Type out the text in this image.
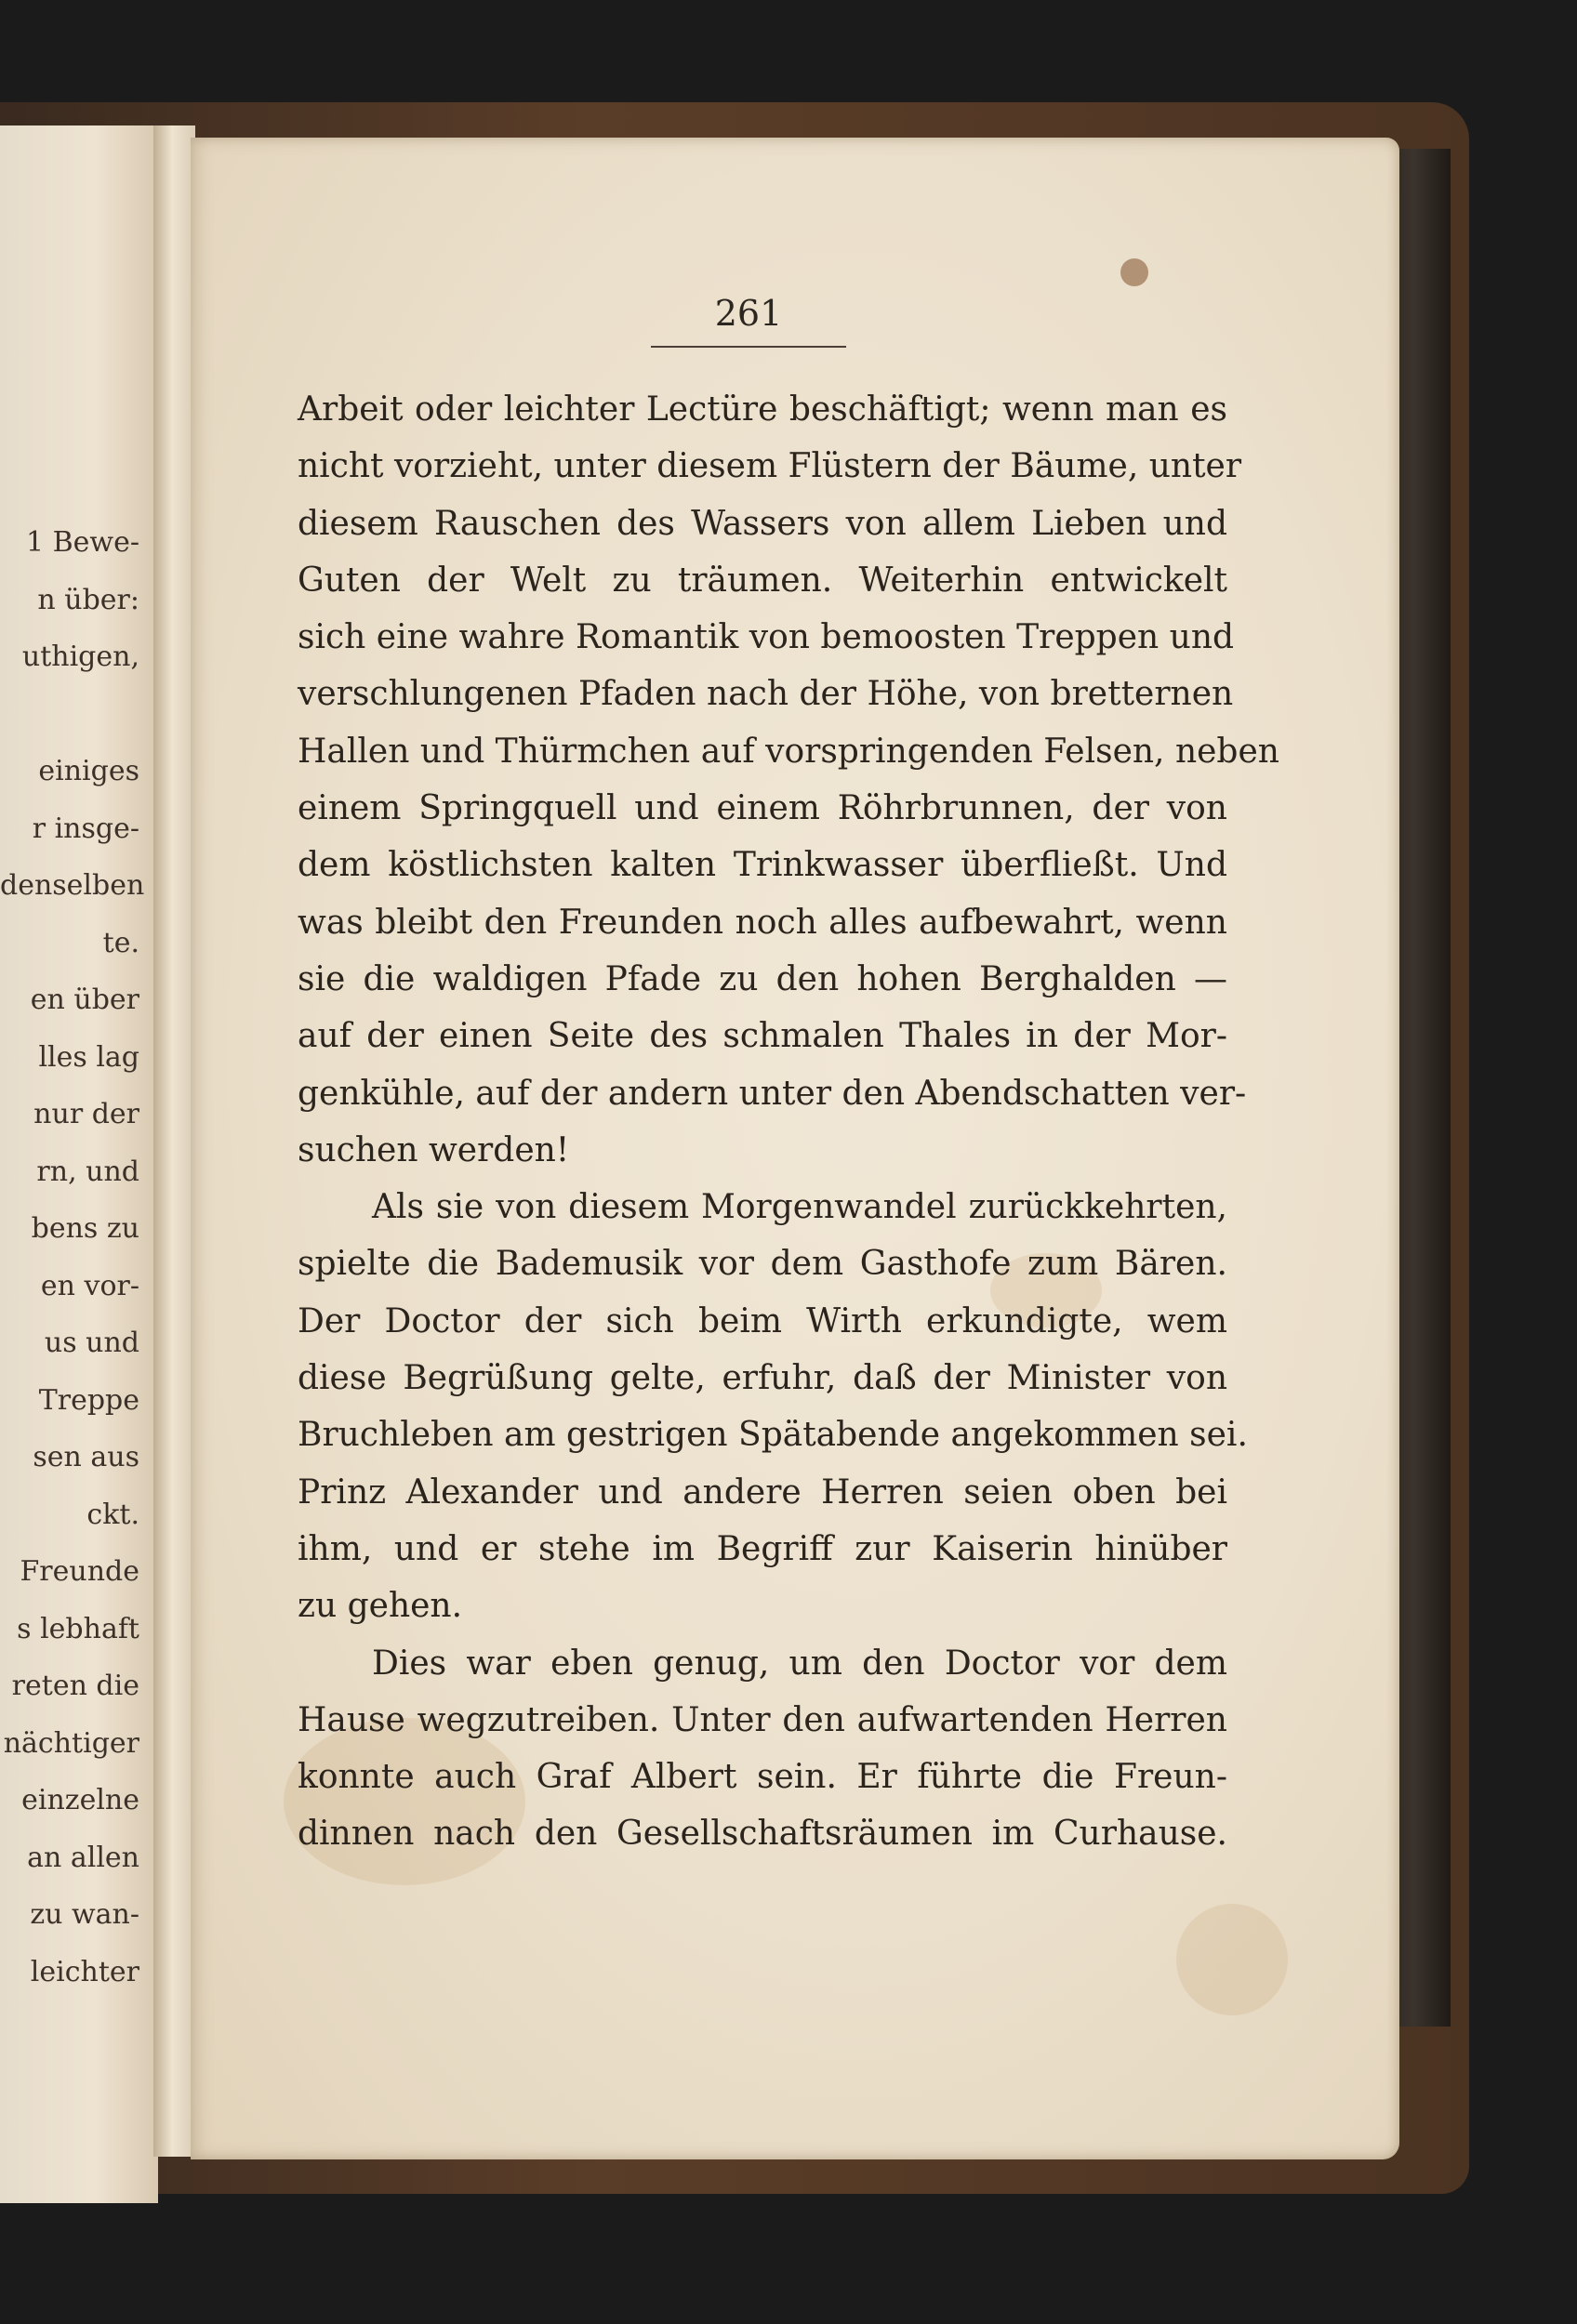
1 Bewe-
n über:
uthigen,
einiges
r insge-
denselben
te.
en über
lles lag
nur der
rn, und
bens zu
en vor-
us und
Treppe
sen aus
ckt.
Freunde
s lebhaft
reten die
nächtiger
einzelne
an allen
zu wan-
leichter
261
Arbeit oder leichter Lectüre beschäftigt; wenn man es
nicht vorzieht, unter diesem Flüstern der Bäume, unter
diesem Rauschen des Wassers von allem Lieben und
Guten der Welt zu träumen. Weiterhin entwickelt
sich eine wahre Romantik von bemoosten Treppen und
verschlungenen Pfaden nach der Höhe, von bretternen
Hallen und Thürmchen auf vorspringenden Felsen, neben
einem Springquell und einem Röhrbrunnen, der von
dem köstlichsten kalten Trinkwasser überfließt. Und
was bleibt den Freunden noch alles aufbewahrt, wenn
sie die waldigen Pfade zu den hohen Berghalden —
auf der einen Seite des schmalen Thales in der Mor-
genkühle, auf der andern unter den Abendschatten ver-
suchen werden!
Als sie von diesem Morgenwandel zurückkehrten,
spielte die Bademusik vor dem Gasthofe zum Bären.
Der Doctor der sich beim Wirth erkundigte, wem
diese Begrüßung gelte, erfuhr, daß der Minister von
Bruchleben am gestrigen Spätabende angekommen sei.
Prinz Alexander und andere Herren seien oben bei
ihm, und er stehe im Begriff zur Kaiserin hinüber
zu gehen.
Dies war eben genug, um den Doctor vor dem
Hause wegzutreiben. Unter den aufwartenden Herren
konnte auch Graf Albert sein. Er führte die Freun-
dinnen nach den Gesellschaftsräumen im Curhause.
